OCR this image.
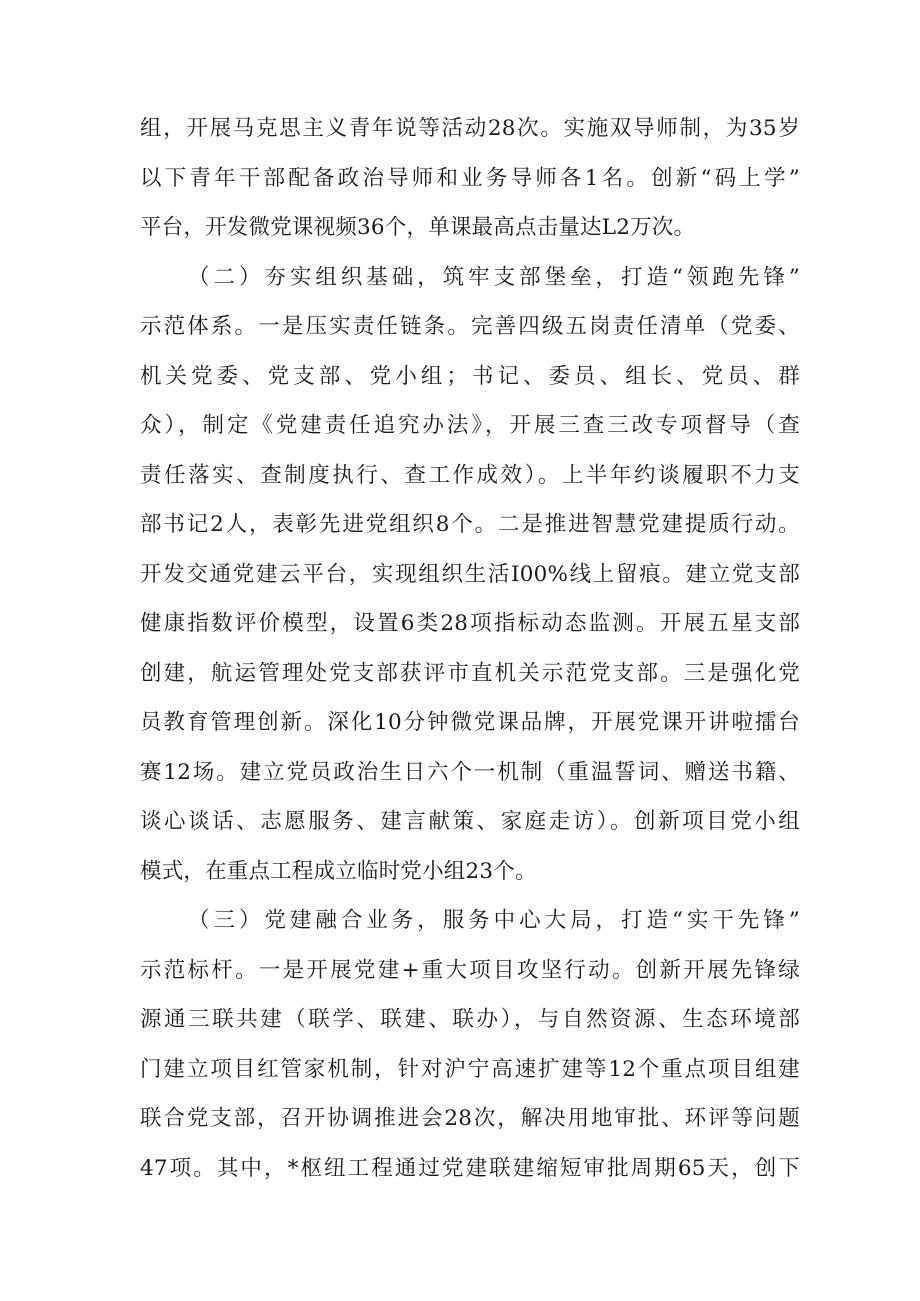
组，开展马克思主义青年说等活动28次。实施双导师制，为35岁
以下青年干部配备政治导师和业务导师各1名。创新“码上学”
平台，开发微党课视频36个，单课最高点击量达L2万次。
（二）夯实组织基础，筑牢支部堡垒，打造“领跑先锋”
示范体系。一是压实责任链条。完善四级五岗责任清单（党委、
机关党委、党支部、党小组；书记、委员、组长、党员、群
众），制定《党建责任追究办法》，开展三查三改专项督导（查
责任落实、查制度执行、查工作成效）。上半年约谈履职不力支
部书记2人，表彰先进党组织8个。二是推进智慧党建提质行动。
开发交通党建云平台，实现组织生活I00%线上留痕。建立党支部
健康指数评价模型，设置6类28项指标动态监测。开展五星支部
创建，航运管理处党支部获评市直机关示范党支部。三是强化党
员教育管理创新。深化10分钟微党课品牌，开展党课开讲啦擂台
赛12场。建立党员政治生日六个一机制（重温誓词、赠送书籍、
谈心谈话、志愿服务、建言献策、家庭走访）。创新项目党小组
模式，在重点工程成立临时党小组23个。
（三）党建融合业务，服务中心大局，打造“实干先锋”
示范标杆。一是开展党建+重大项目攻坚行动。创新开展先锋绿
源通三联共建（联学、联建、联办），与自然资源、生态环境部
门建立项目红管家机制，针对沪宁高速扩建等12个重点项目组建
联合党支部，召开协调推进会28次，解决用地审批、环评等问题
47项。其中，*枢纽工程通过党建联建缩短审批周期65天，创下
